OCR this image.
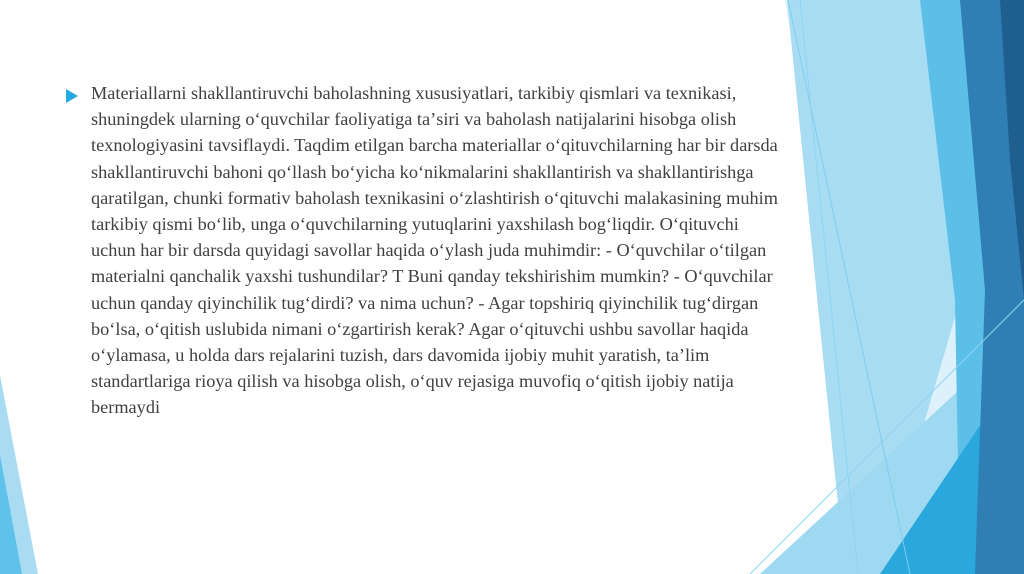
Materiallarni shakllantiruvchi baholashning xususiyatlari, tarkibiy qismlari va texnikasi, shuningdek ularning oʻquvchilar faoliyatiga taʼsiri va baholash natijalarini hisobga olish texnologiyasini tavsiflaydi. Taqdim etilgan barcha materiallar oʻqituvchilarning har bir darsda shakllantiruvchi bahoni qoʻllash boʻyicha koʻnikmalarini shakllantirish va shakllantirishga qaratilgan, chunki formativ baholash texnikasini oʻzlashtirish oʻqituvchi malakasining muhim tarkibiy qismi boʻlib, unga oʻquvchilarning yutuqlarini yaxshilash bogʻliqdir. Oʻqituvchi uchun har bir darsda quyidagi savollar haqida oʻylash juda muhimdir: - Oʻquvchilar oʻtilgan materialni qanchalik yaxshi tushundilar? T Buni qanday tekshirishim mumkin? - Oʻquvchilar uchun qanday qiyinchilik tugʻdirdi? va nima uchun? - Agar topshiriq qiyinchilik tugʻdirgan boʻlsa, oʻqitish uslubida nimani oʻzgartirish kerak? Agar oʻqituvchi ushbu savollar haqida oʻylamasa, u holda dars rejalarini tuzish, dars davomida ijobiy muhit yaratish, taʼlim standartlariga rioya qilish va hisobga olish, oʻquv rejasiga muvofiq oʻqitish ijobiy natija bermaydi
